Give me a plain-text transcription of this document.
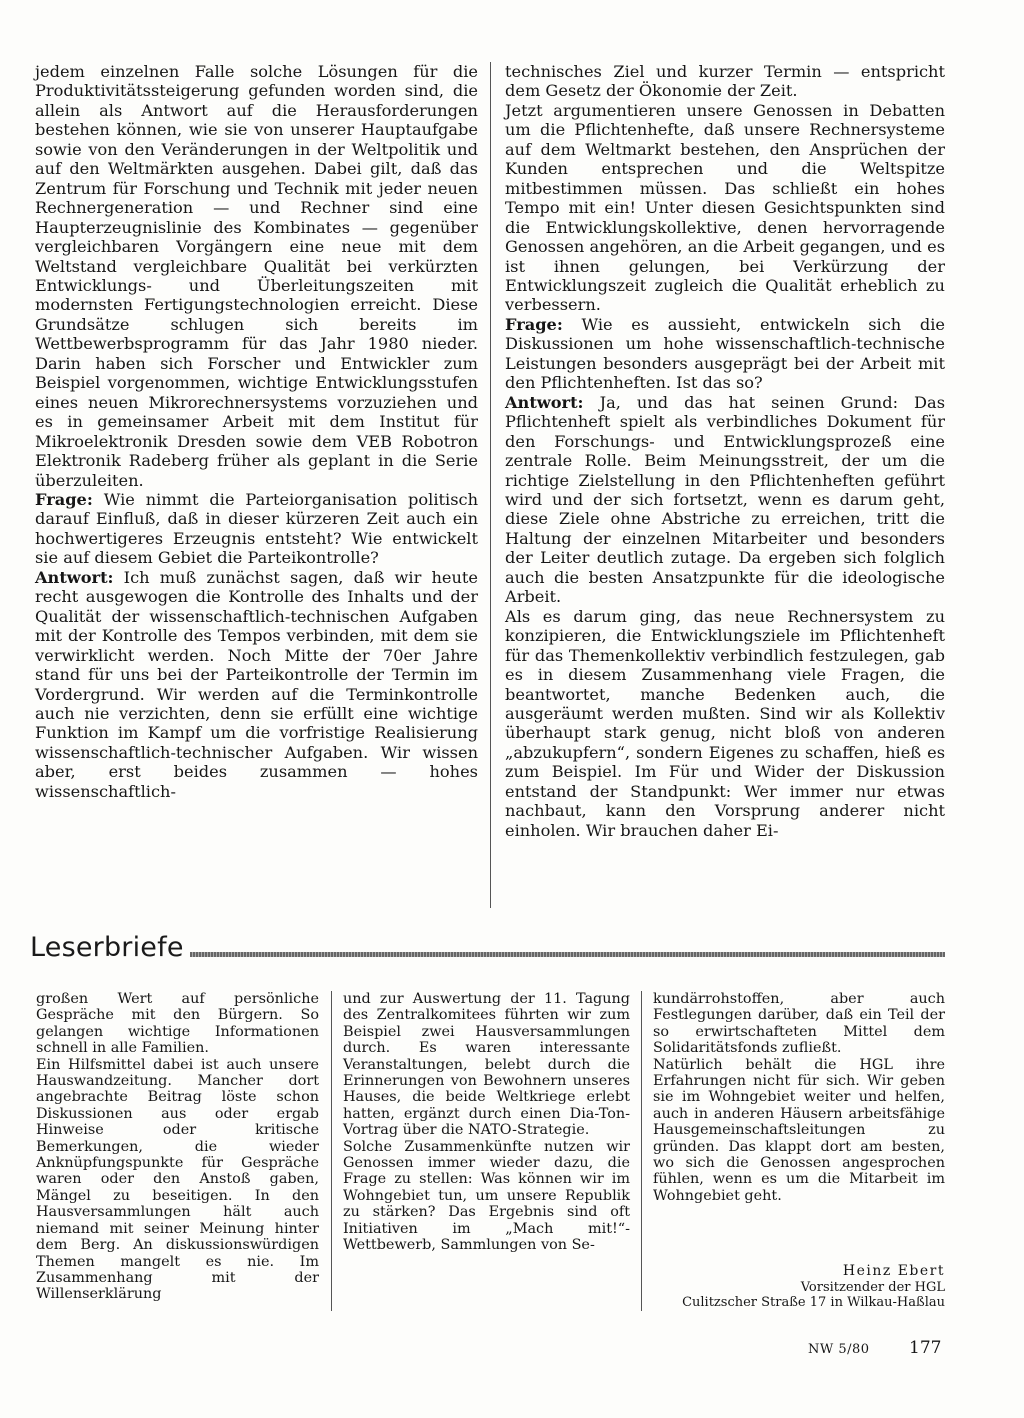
jedem einzelnen Falle solche Lösungen für die Produktivitätssteigerung gefunden worden sind, die allein als Antwort auf die Herausforderungen bestehen können, wie sie von unserer Hauptaufgabe sowie von den Veränderungen in der Weltpolitik und auf den Weltmärkten ausgehen. Dabei gilt, daß das Zentrum für Forschung und Technik mit jeder neuen Rechnergeneration — und Rechner sind eine Haupterzeugnislinie des Kombinates — gegenüber vergleichbaren Vorgängern eine neue mit dem Weltstand vergleichbare Qualität bei verkürzten Entwicklungs- und Überleitungszeiten mit modernsten Fertigungstechnologien erreicht. Diese Grundsätze schlugen sich bereits im Wettbewerbsprogramm für das Jahr 1980 nieder. Darin haben sich Forscher und Entwickler zum Beispiel vorgenommen, wichtige Entwicklungsstufen eines neuen Mikrorechnersystems vorzuziehen und es in gemeinsamer Arbeit mit dem Institut für Mikroelektronik Dresden sowie dem VEB Robotron Elektronik Radeberg früher als geplant in die Serie überzuleiten.

Frage: Wie nimmt die Parteiorganisation politisch darauf Einfluß, daß in dieser kürzeren Zeit auch ein hochwertigeres Erzeugnis entsteht? Wie entwickelt sie auf diesem Gebiet die Parteikontrolle?

Antwort: Ich muß zunächst sagen, daß wir heute recht ausgewogen die Kontrolle des Inhalts und der Qualität der wissenschaftlich-technischen Aufgaben mit der Kontrolle des Tempos verbinden, mit dem sie verwirklicht werden. Noch Mitte der 70er Jahre stand für uns bei der Parteikontrolle der Termin im Vordergrund. Wir werden auf die Terminkontrolle auch nie verzichten, denn sie erfüllt eine wichtige Funktion im Kampf um die vorfristige Realisierung wissenschaftlich-technischer Aufgaben. Wir wissen aber, erst beides zusammen — hohes wissenschaftlich-

technisches Ziel und kurzer Termin — entspricht dem Gesetz der Ökonomie der Zeit.

Jetzt argumentieren unsere Genossen in Debatten um die Pflichtenhefte, daß unsere Rechnersysteme auf dem Weltmarkt bestehen, den Ansprüchen der Kunden entsprechen und die Weltspitze mitbestimmen müssen. Das schließt ein hohes Tempo mit ein! Unter diesen Gesichtspunkten sind die Entwicklungskollektive, denen hervorragende Genossen angehören, an die Arbeit gegangen, und es ist ihnen gelungen, bei Verkürzung der Entwicklungszeit zugleich die Qualität erheblich zu verbessern.

Frage: Wie es aussieht, entwickeln sich die Diskussionen um hohe wissenschaftlich-technische Leistungen besonders ausgeprägt bei der Arbeit mit den Pflichtenheften. Ist das so?

Antwort: Ja, und das hat seinen Grund: Das Pflichtenheft spielt als verbindliches Dokument für den Forschungs- und Entwicklungsprozeß eine zentrale Rolle. Beim Meinungsstreit, der um die richtige Zielstellung in den Pflichtenheften geführt wird und der sich fortsetzt, wenn es darum geht, diese Ziele ohne Abstriche zu erreichen, tritt die Haltung der einzelnen Mitarbeiter und besonders der Leiter deutlich zutage. Da ergeben sich folglich auch die besten Ansatzpunkte für die ideologische Arbeit.

Als es darum ging, das neue Rechnersystem zu konzipieren, die Entwicklungsziele im Pflichtenheft für das Themenkollektiv verbindlich festzulegen, gab es in diesem Zusammenhang viele Fragen, die beantwortet, manche Bedenken auch, die ausgeräumt werden mußten. Sind wir als Kollektiv überhaupt stark genug, nicht bloß von anderen „abzukupfern“, sondern Eigenes zu schaffen, hieß es zum Beispiel. Im Für und Wider der Diskussion entstand der Standpunkt: Wer immer nur etwas nachbaut, kann den Vorsprung anderer nicht einholen. Wir brauchen daher Ei-

Leserbriefe

großen Wert auf persönliche Gespräche mit den Bürgern. So gelangen wichtige Informationen schnell in alle Familien.

Ein Hilfsmittel dabei ist auch unsere Hauswandzeitung. Mancher dort angebrachte Beitrag löste schon Diskussionen aus oder ergab Hinweise oder kritische Bemerkungen, die wieder Anknüpfungspunkte für Gespräche waren oder den Anstoß gaben, Mängel zu beseitigen. In den Hausversammlungen hält auch niemand mit seiner Meinung hinter dem Berg. An diskussionswürdigen Themen mangelt es nie. Im Zusammenhang mit der Willenserklärung

und zur Auswertung der 11. Tagung des Zentralkomitees führten wir zum Beispiel zwei Hausversammlungen durch. Es waren interessante Veranstaltungen, belebt durch die Erinnerungen von Bewohnern unseres Hauses, die beide Weltkriege erlebt hatten, ergänzt durch einen Dia-Ton-Vortrag über die NATO-Strategie.

Solche Zusammenkünfte nutzen wir Genossen immer wieder dazu, die Frage zu stellen: Was können wir im Wohngebiet tun, um unsere Republik zu stärken? Das Ergebnis sind oft Initiativen im „Mach mit!“-Wettbewerb, Sammlungen von Se-

kundärrohstoffen, aber auch Festlegungen darüber, daß ein Teil der so erwirtschafteten Mittel dem Solidaritätsfonds zufließt.

Natürlich behält die HGL ihre Erfahrungen nicht für sich. Wir geben sie im Wohngebiet weiter und helfen, auch in anderen Häusern arbeitsfähige Hausgemeinschaftsleitungen zu gründen. Das klappt dort am besten, wo sich die Genossen angesprochen fühlen, wenn es um die Mitarbeit im Wohngebiet geht.

Heinz Ebert
Vorsitzender der HGL
Culitzscher Straße 17 in Wilkau-Haßlau

NW 5/80 177
